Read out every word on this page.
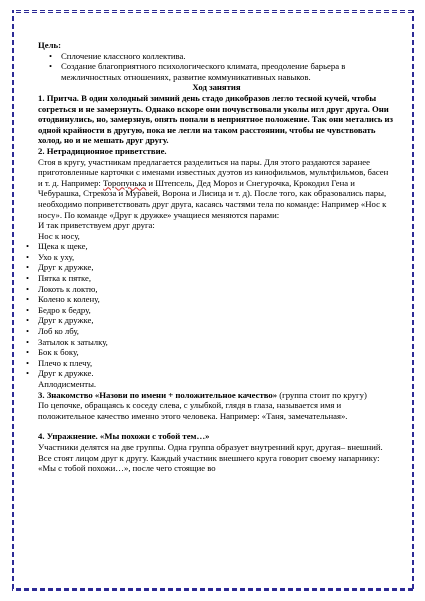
Цель:

• Сплочение классного коллектива.
• Создание благоприятного психологического климата, преодоление барьера в межличностных отношениях, развитие коммуникативных навыков.

Ход занятия

1. Притча. В один холодный зимний день стадо дикобразов легло тесной кучей, чтобы согреться и не замерзнуть. Однако вскоре они почувствовали уколы игл друг друга. Они отодвинулись, но, замерзнув, опять попали в неприятное положение. Так они метались из одной крайности в другую, пока не легли на таком расстоянии, чтобы не чувствовать холод, но и не мешать друг другу.

2. Нетрадиционное приветствие.

Стоя в кругу, участникам предлагается разделиться на пары. Для этого раздаются заранее приготовленные карточки с именами известных дуэтов из кинофильмов, мультфильмов, басен и т. д. Например: Торопунька и Штепсель, Дед Мороз и Снегурочка, Крокодил Гена и Чебурашка, Стрекоза и Муравей, Ворона и Лисица и т. д). После того, как образовались пары, необходимо поприветствовать друг друга, касаясь частями тела по команде: Например «Нос к носу». По команде «Друг к дружке» учащиеся меняются парами:

И так приветствуем друг друга:

Нос к носу,

• Щека к щеке,
• Ухо к уху,
• Друг к дружке,
• Пятка к пятке,
• Локоть к локтю,
• Колено к колену,
• Бедро к бедру,
• Друг к дружке,
• Лоб ко лбу,
• Затылок к затылку,
• Бок к боку,
• Плечо к плечу,
• Друг к дружке.

Аплодисменты.

3. Знакомство «Назови по имени + положительное качество» (группа стоит по кругу)

По цепочке, обращаясь к соседу слева, с улыбкой, глядя в глаза, называется имя и положительное качество именно этого человека. Например: «Таня, замечательная».

4. Упражнение. «Мы похожи с тобой тем…»

Участники делятся на две группы. Одна группа образует внутренний круг, другая– внешний. Все стоят лицом друг к другу. Каждый участник внешнего круга говорит своему напарнику: «Мы с тобой похожи…», после чего стоящие во
